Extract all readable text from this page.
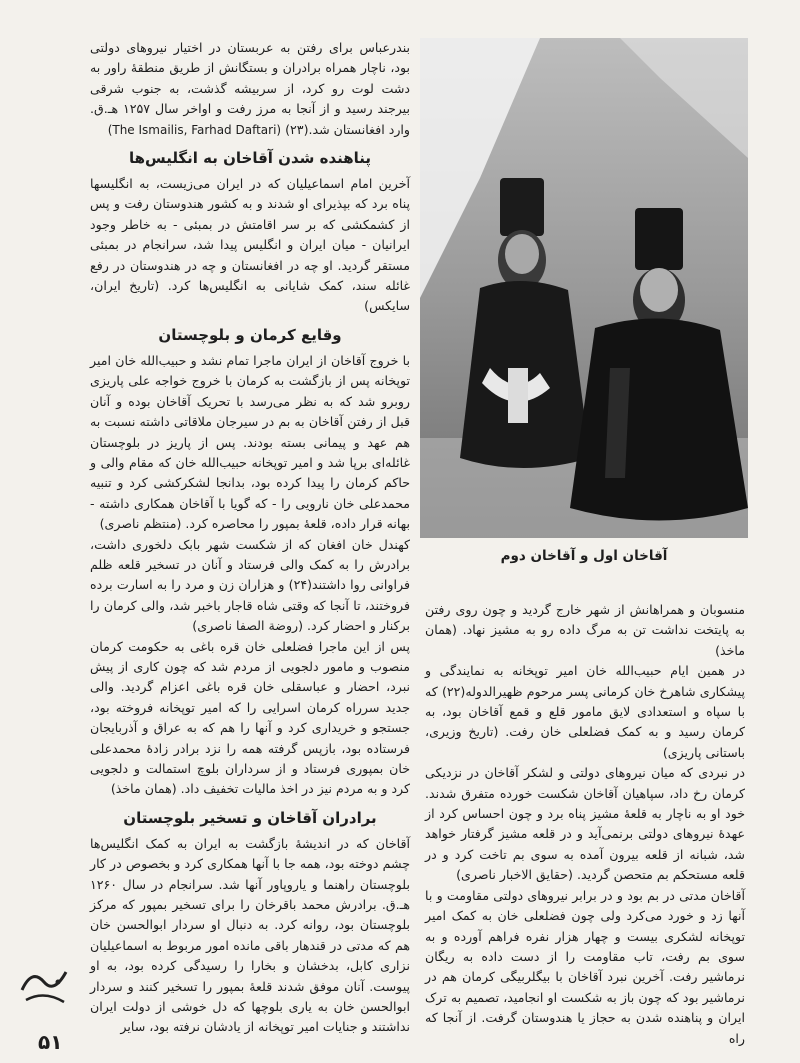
بندرعباس برای رفتن به عربستان در اختیار نیروهای دولتی بود، ناچار همراه برادران و بستگانش از طریق منطقهٔ راور به دشت لوت رو کرد، از سربیشه گذشت، به جنوب شرقی بیرجند رسید و از آنجا به مرز رفت و اواخر سال ۱۲۵۷ هـ.ق. وارد افغانستان شد.(۲۳) (The Ismailis, Farhad Daftari)

پناهنده شدن آقاخان به انگلیس‌ها

آخرین امام اسماعیلیان که در ایران می‌زیست، به انگلیسها پناه برد که بپذیرای او شدند و به کشور هندوستان رفت و پس از کشمکشی که بر سر اقامتش در بمبئی - به خاطر وجود ایرانیان - میان ایران و انگلیس پیدا شد، سرانجام در بمبئی مستقر گردید. او چه در افغانستان و چه در هندوستان در رفع غائله سند، کمک شایانی به انگلیس‌ها کرد. (تاریخ ایران، سایکس)

وقایع کرمان و بلوچستان

با خروج آقاخان از ایران ماجرا تمام نشد و حبیب‌الله خان امیر توپخانه پس از بازگشت به کرمان با خروج خواجه علی پاریزی روبرو شد که به نظر می‌رسد با تحریک آقاخان بوده و آنان قبل از رفتن آقاخان به بم در سیرجان ملاقاتی داشته نسبت به هم عهد و پیمانی بسته بودند. پس از پاریز در بلوچستان غائله‌ای برپا شد و امیر توپخانه حبیب‌الله خان که مقام والی و حاکم کرمان را پیدا کرده بود، بدانجا لشکرکشی کرد و تنبیه محمدعلی خان نارویی را - که گویا با آقاخان همکاری داشته - بهانه قرار داده، قلعهٔ بمپور را محاصره کرد. (منتظم ناصری)

کهندل خان افغان که از شکست شهر بابک دلخوری داشت، برادرش را به کمک والی فرستاد و آنان در تسخیر قلعه ظلم فراوانی روا داشتند(۲۴) و هزاران زن و مرد را به اسارت برده فروختند، تا آنجا که وقتی شاه قاجار باخبر شد، والی کرمان را برکنار و احضار کرد. (روضة الصفا ناصری)

پس از این ماجرا فضلعلی خان قره باغی به حکومت کرمان منصوب و مامور دلجویی از مردم شد که چون کاری از پیش نبرد، احضار و عباسقلی خان قره باغی اعزام گردید. والی جدید سرراه کرمان اسرایی را که امیر توپخانه فروخته بود، جستجو و خریداری کرد و آنها را هم که به عراق و آذربایجان فرستاده بود، بازپس گرفته همه را نزد برادر زادهٔ محمدعلی خان بمپوری فرستاد و از سرداران بلوچ استمالت و دلجویی کرد و به مردم نیز در اخذ مالیات تخفیف داد. (همان ماخذ)

برادران آقاخان و تسخیر بلوچستان

آقاخان که در اندیشهٔ بازگشت به ایران به کمک انگلیس‌ها چشم دوخته بود، همه جا با آنها همکاری کرد و بخصوص در کار بلوچستان راهنما و یاروپاور آنها شد. سرانجام در سال ۱۲۶۰ هـ.ق. برادرش محمد باقرخان را برای تسخیر بمپور که مرکز بلوچستان بود، روانه کرد. به دنبال او سردار ابوالحسن خان هم که مدتی در قندهار باقی مانده امور مربوط به اسماعیلیان نزاری کابل، بدخشان و بخارا را رسیدگی کرده بود، به او پیوست. آنان موفق شدند قلعهٔ بمپور را تسخیر کنند و سردار ابوالحسن خان به یاری بلوچها که دل خوشی از دولت ایران نداشتند و جنایات امیر توپخانه از یادشان نرفته بود، سایر

آقاخان اول و آقاخان دوم

منسوبان و همراهانش از شهر خارج گردید و چون روی رفتن به پایتخت نداشت تن به مرگ داده رو به مشیز نهاد. (همان ماخذ)

در همین ایام حبیب‌الله خان امیر توپخانه به نمایندگی و پیشکاری شاهرخ خان کرمانی پسر مرحوم ظهیرالدوله(۲۲) که با سپاه و استعدادی لایق مامور قلع و قمع آقاخان بود، به کرمان رسید و به کمک فضلعلی خان رفت. (تاریخ وزیری، باستانی پاریزی)

در نبردی که میان نیروهای دولتی و لشکر آقاخان در نزدیکی کرمان رخ داد، سپاهیان آقاخان شکست خورده متفرق شدند. خود او به ناچار به قلعهٔ مشیز پناه برد و چون احساس کرد از عهدهٔ نیروهای دولتی برنمی‌آید و در قلعه مشیز گرفتار خواهد شد، شبانه از قلعه بیرون آمده به سوی بم تاخت کرد و در قلعه مستحکم بم متحصن گردید. (حقایق الاخبار ناصری)

آقاخان مدتی در بم بود و در برابر نیروهای دولتی مقاومت و با آنها زد و خورد می‌کرد ولی چون فضلعلی خان به کمک امیر توپخانه لشکری بیست و چهار هزار نفره فراهم آورده و به سوی بم رفت، تاب مقاومت را از دست داده به ریگان نرماشیر رفت. آخرین نبرد آقاخان با بیگلربیگی کرمان هم در نرماشیر بود که چون باز به شکست او انجامید، تصمیم به ترک ایران و پناهنده شدن به حجاز یا هندوستان گرفت. از آنجا که راه

۵۱
